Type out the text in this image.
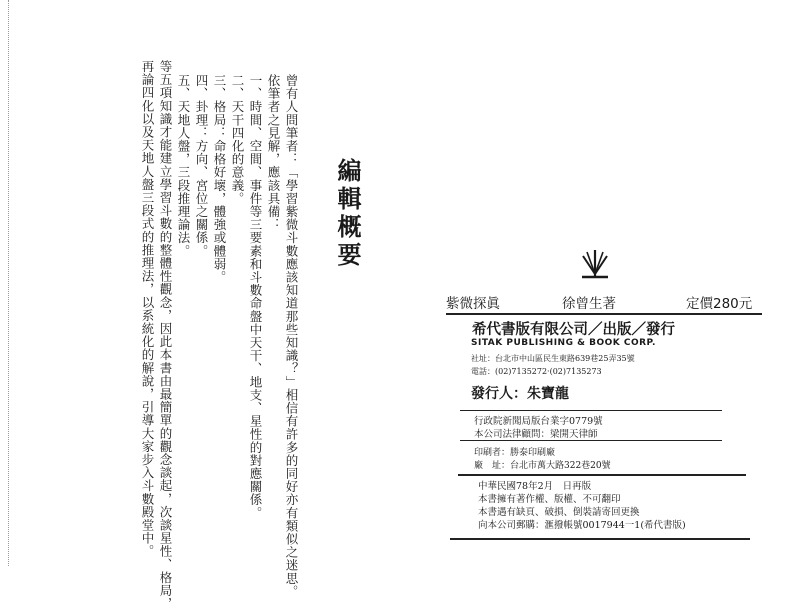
曾有人問筆者：「學習紫微斗數應該知道那些知識？」相信有許多的同好亦有類似之迷思。
依筆者之見解，應該具備：
一、時間、空間、事件等三要素和斗數命盤中天干、地支、星性的對應關係。
二、天干四化的意義。
三、格局：命格好壞，體強或體弱。
四、卦理：方向、宮位之關係。
五、天地人盤，三段推理論法。
等五項知識才能建立學習斗數的整體性觀念，因此本書由最簡單的觀念談起，次談星性、格局，
再論四化以及天地人盤三段式的推理法，以系統化的解說，引導大家步入斗數殿堂中。	編輯概要
紫微探眞	徐曾生著	定價280元
希代書版有限公司／出版／發行
SITAK PUBLISHING & BOOK CORP.
社址：台北市中山區民生東路639巷25弄35號
電話：(02)7135272·(02)7135273
發行人：朱寶龍
行政院新聞局版台業字0779號
本公司法律顧問：梁開天律師
印刷者：勝泰印刷廠
廠　址：台北市萬大路322巷20號
中華民國78年2月　日再版
本書擁有著作權、版權、不可翻印
本書遇有缺頁、破損、倒裝請寄回更換
向本公司郵購：滙撥帳號0017944一1(希代書版)
